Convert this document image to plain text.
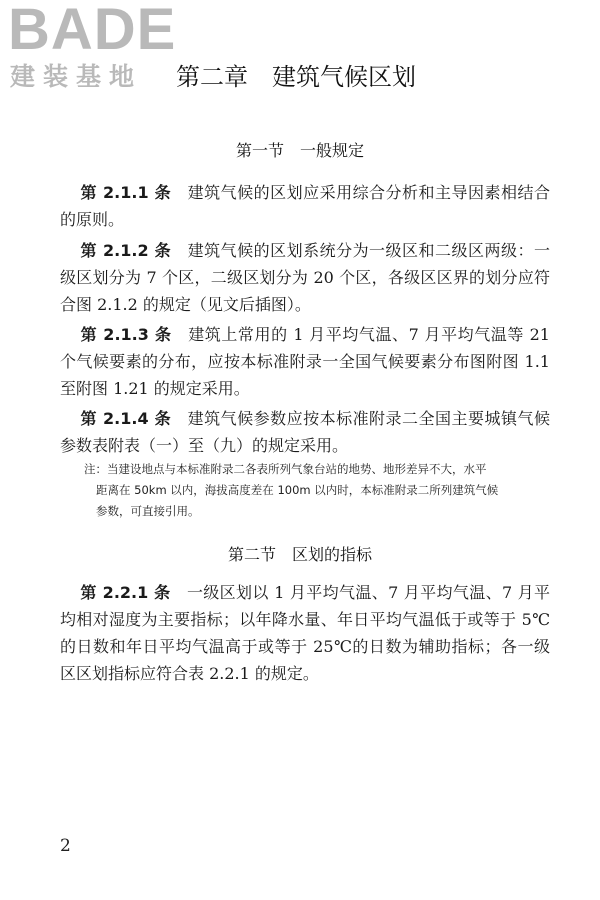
BADE
建装基地 第二章　建筑气候区划
第一节　一般规定
第 2.1.1 条　 建筑气候的区划应采用综合分析和主导因素相结合的原则。
第 2.1.2 条　 建筑气候的区划系统分为一级区和二级区两级：一级区划分为 7 个区，二级区划分为 20 个区，各级区区界的划分应符合图 2.1.2 的规定（见文后插图）。
第 2.1.3 条　 建筑上常用的 1 月平均气温、7 月平均气温等 21 个气候要素的分布，应按本标准附录一全国气候要素分布图附图 1.1 至附图 1.21 的规定采用。
第 2.1.4 条　 建筑气候参数应按本标准附录二全国主要城镇气候参数表附表（一）至（九）的规定采用。
注：当建设地点与本标准附录二各表所列气象台站的地势、地形差异不大，水平
距离在 50km 以内，海拔高度差在 100m 以内时，本标准附录二所列建筑气候
参数，可直接引用。
第二节　区划的指标
第 2.2.1 条　 一级区划以 1 月平均气温、7 月平均气温、7 月平均相对湿度为主要指标；以年降水量、年日平均气温低于或等于 5℃的日数和年日平均气温高于或等于 25℃的日数为辅助指标；各一级区区划指标应符合表 2.2.1 的规定。
2
